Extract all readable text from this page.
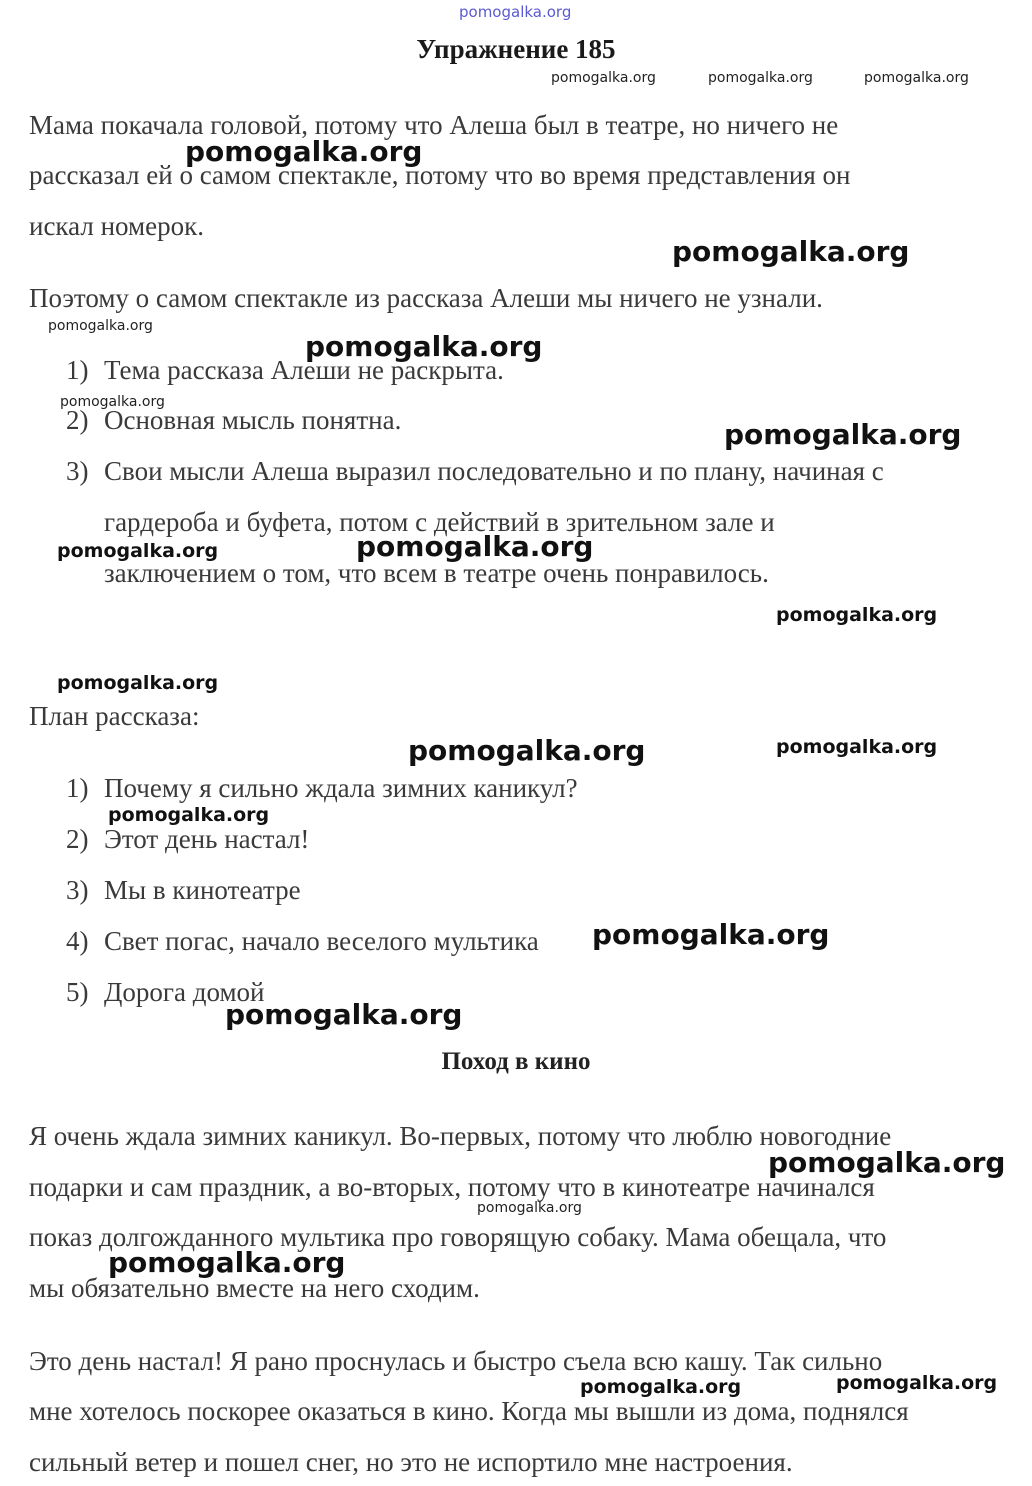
pomogalka.org
Упражнение 185
Мама покачала головой, потому что Алеша был в театре, но ничего не
рассказал ей о самом спектакле, потому что во время представления он
искал номерок.
Поэтому о самом спектакле из рассказа Алеши мы ничего не узнали.
1) Тема рассказа Алеши не раскрыта.
2) Основная мысль понятна.
3) Свои мысли Алеша выразил последовательно и по плану, начиная с
гардероба и буфета, потом с действий в зрительном зале и
заключением о том, что всем в театре очень понравилось.
План рассказа:
1) Почему я сильно ждала зимних каникул?
2) Этот день настал!
3) Мы в кинотеатре
4) Свет погас, начало веселого мультика
5) Дорога домой
Поход в кино
Я очень ждала зимних каникул. Во-первых, потому что люблю новогодние
подарки и сам праздник, а во-вторых, потому что в кинотеатре начинался
показ долгожданного мультика про говорящую собаку. Мама обещала, что
мы обязательно вместе на него сходим.
Это день настал! Я рано проснулась и быстро съела всю кашу. Так сильно
мне хотелось поскорее оказаться в кино. Когда мы вышли из дома, поднялся
сильный ветер и пошел снег, но это не испортило мне настроения.
pomogalka.org	pomogalka.org	pomogalka.org
pomogalka.org
pomogalka.org
pomogalka.org
pomogalka.org
pomogalka.org
pomogalka.org
pomogalka.org	pomogalka.org
pomogalka.org
pomogalka.org
pomogalka.org	pomogalka.org
pomogalka.org
pomogalka.org
pomogalka.org
pomogalka.org
pomogalka.org
pomogalka.org
pomogalka.org	pomogalka.org
